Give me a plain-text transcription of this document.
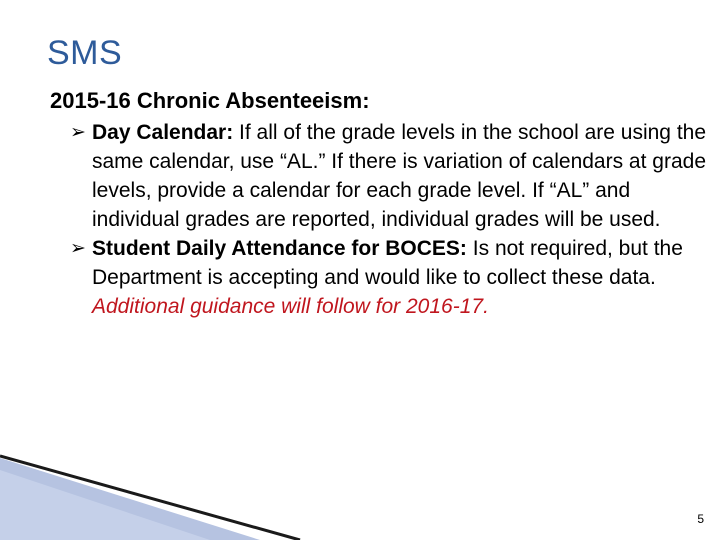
SMS
2015-16 Chronic Absenteeism:
➢ Day Calendar: If all of the grade levels in the school are using the same calendar, use “AL.” If there is variation of calendars at grade levels, provide a calendar for each grade level. If “AL” and individual grades are reported, individual grades will be used.
➢ Student Daily Attendance for BOCES: Is not required, but the Department is accepting and would like to collect these data. Additional guidance will follow for 2016-17.
5
